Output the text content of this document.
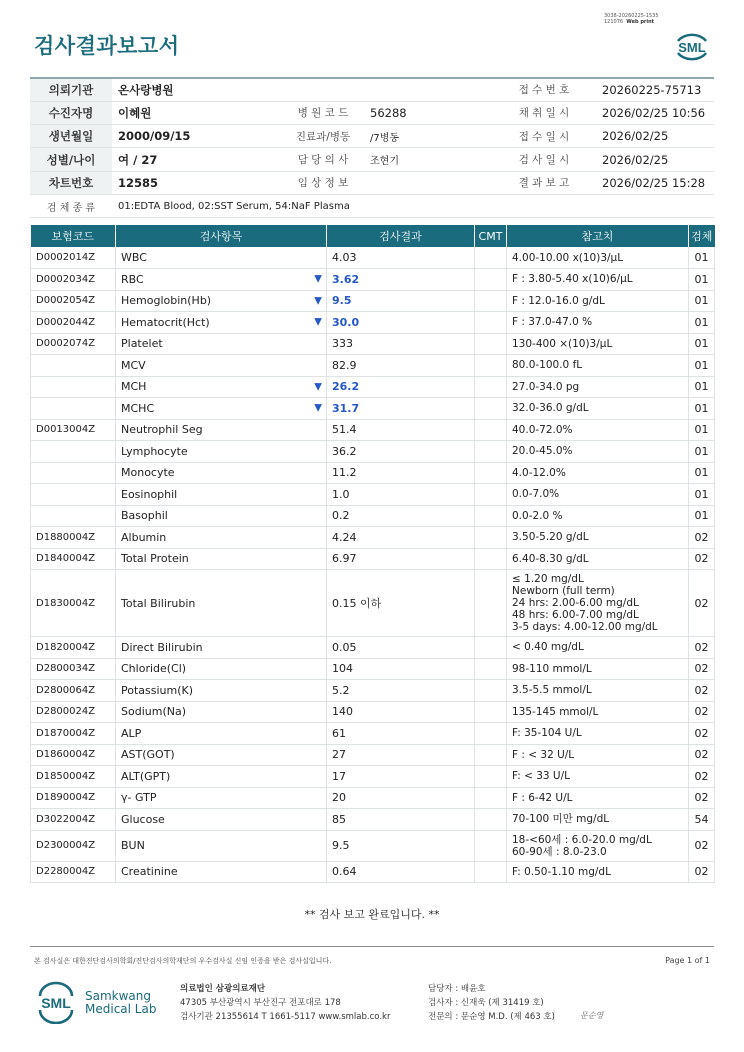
검사결과보고서
3038-20260225-1535
121076 Web print
SML
의뢰기관	온사랑병원			접 수 번 호	20260225-75713
수진자명	이혜원	병 원 코 드	56288	채 취 일 시	2026/02/25 10:56
생년월일	2000/09/15	진료과/병동	/7병동	접 수 일 시	2026/02/25
성별/나이	여 / 27	담 당 의 사	조현기	검 사 일 시	2026/02/25
차트번호	12585	임 상 정 보		결 과 보 고	2026/02/25 15:28
검 체 종 류	01:EDTA Blood, 02:SST Serum, 54:NaF Plasma				
보험코드	검사항목	검사결과	CMT	참고치	검체
D0002014Z	WBC	4.03		4.00-10.00 x(10)3/μL	01
D0002034Z	RBC ▼	3.62		F : 3.80-5.40 x(10)6/μL	01
D0002054Z	Hemoglobin(Hb) ▼	9.5		F : 12.0-16.0 g/dL	01
D0002044Z	Hematocrit(Hct) ▼	30.0		F : 37.0-47.0 %	01
D0002074Z	Platelet	333		130-400 ×(10)3/μL	01
	MCV	82.9		80.0-100.0 fL	01
	MCH ▼	26.2		27.0-34.0 pg	01
	MCHC ▼	31.7		32.0-36.0 g/dL	01
D0013004Z	Neutrophil Seg	51.4		40.0-72.0%	01
	Lymphocyte	36.2		20.0-45.0%	01
	Monocyte	11.2		4.0-12.0%	01
	Eosinophil	1.0		0.0-7.0%	01
	Basophil	0.2		0.0-2.0 %	01
D1880004Z	Albumin	4.24		3.50-5.20 g/dL	02
D1840004Z	Total Protein	6.97		6.40-8.30 g/dL	02
D1830004Z	Total Bilirubin	0.15 이하		≤ 1.20 mg/dL
Newborn (full term)
24 hrs: 2.00-6.00 mg/dL
48 hrs: 6.00-7.00 mg/dL
3-5 days: 4.00-12.00 mg/dL	02
D1820004Z	Direct Bilirubin	0.05		< 0.40 mg/dL	02
D2800034Z	Chloride(Cl)	104		98-110 mmol/L	02
D2800064Z	Potassium(K)	5.2		3.5-5.5 mmol/L	02
D2800024Z	Sodium(Na)	140		135-145 mmol/L	02
D1870004Z	ALP	61		F: 35-104 U/L	02
D1860004Z	AST(GOT)	27		F : < 32 U/L	02
D1850004Z	ALT(GPT)	17		F: < 33 U/L	02
D1890004Z	γ- GTP	20		F : 6-42 U/L	02
D3022004Z	Glucose	85		70-100 미만 mg/dL	54
D2300004Z	BUN	9.5		18-<60세 : 6.0-20.0 mg/dL
60-90세 : 8.0-23.0	02
D2280004Z	Creatinine	0.64		F: 0.50-1.10 mg/dL	02
** 검사 보고 완료입니다. **
본 검사실은 대한진단검사의학회/진단검사의학재단의 우수검사실 신임 인증을 받은 검사실입니다.	Page 1 of 1
SML Samkwang
Medical Lab
의료법인 삼광의료재단
47305 부산광역시 부산진구 전포대로 178
검사기관 21355614 T 1661-5117 www.smlab.co.kr
담당자 : 배윤호
검사자 : 신재욱 (제 31419 호)
전문의 : 문순영 M.D. (제 463 호)	문순영
